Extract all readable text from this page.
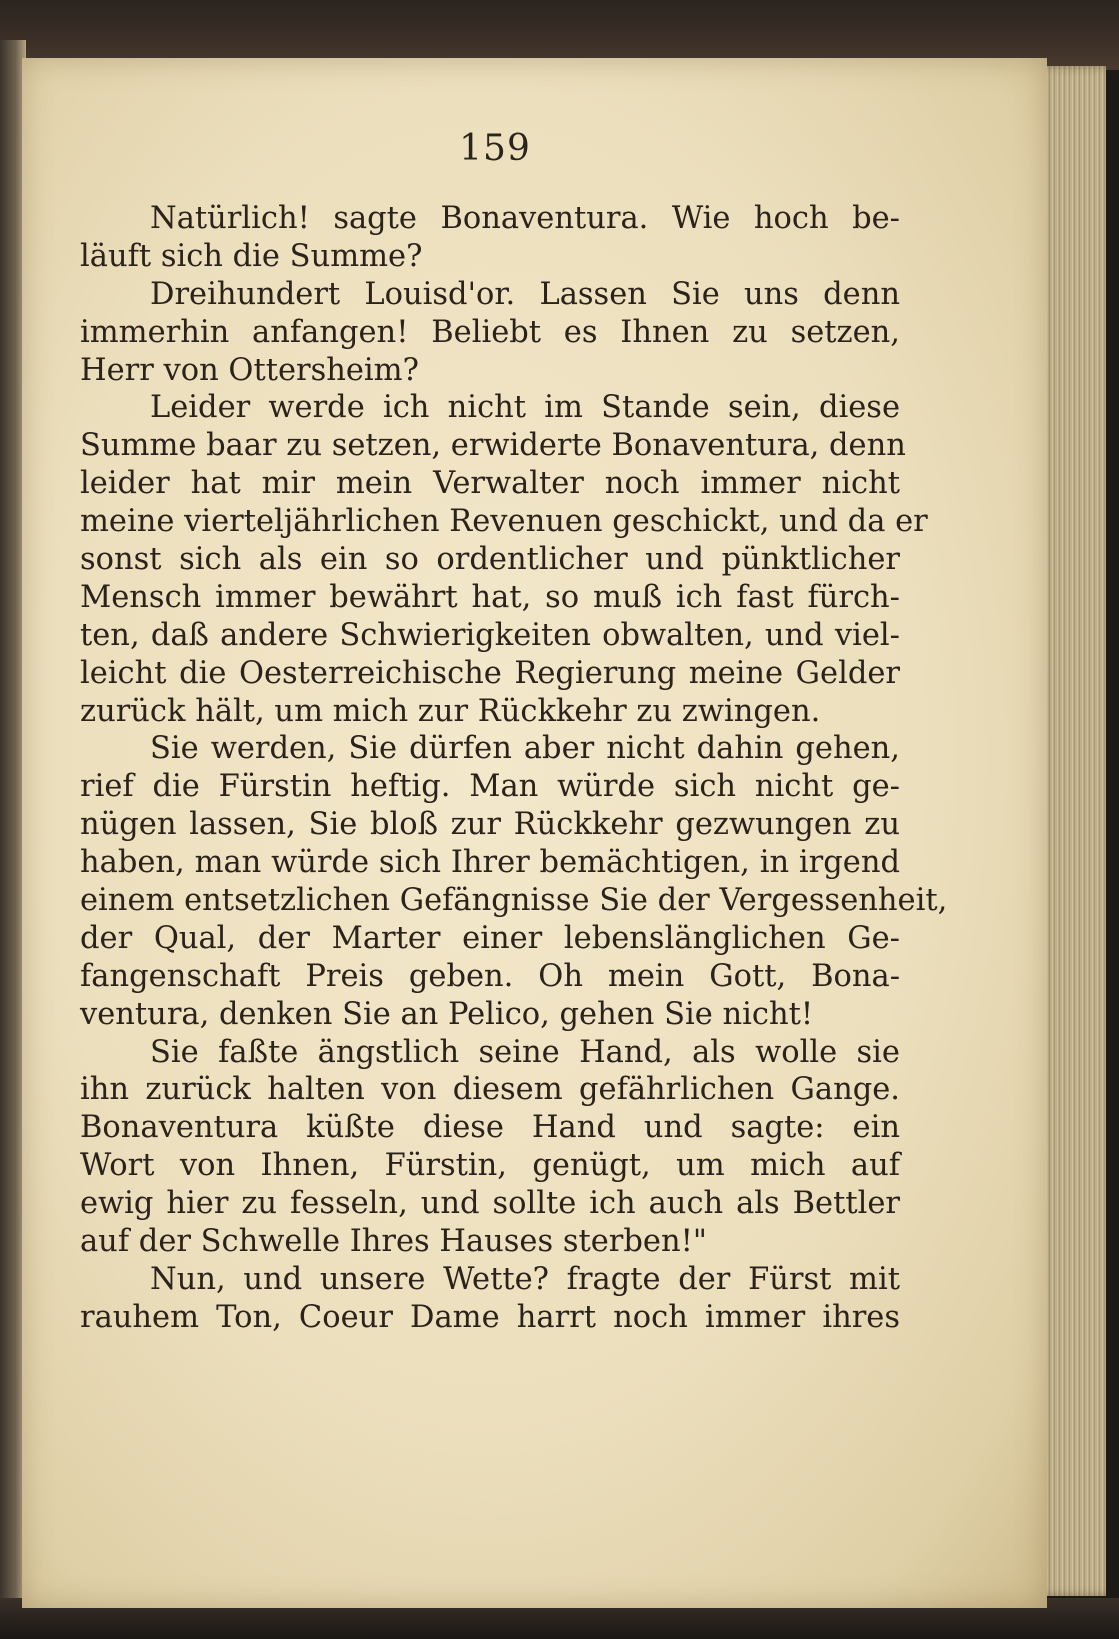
159
Natürlich! sagte Bonaventura. Wie hoch be-
läuft sich die Summe?
Dreihundert Louisd'or. Lassen Sie uns denn
immerhin anfangen! Beliebt es Ihnen zu setzen,
Herr von Ottersheim?
Leider werde ich nicht im Stande sein, diese
Summe baar zu setzen, erwiderte Bonaventura, denn
leider hat mir mein Verwalter noch immer nicht
meine vierteljährlichen Revenuen geschickt, und da er
sonst sich als ein so ordentlicher und pünktlicher
Mensch immer bewährt hat, so muß ich fast fürch-
ten, daß andere Schwierigkeiten obwalten, und viel-
leicht die Oesterreichische Regierung meine Gelder
zurück hält, um mich zur Rückkehr zu zwingen.
Sie werden, Sie dürfen aber nicht dahin gehen,
rief die Fürstin heftig. Man würde sich nicht ge-
nügen lassen, Sie bloß zur Rückkehr gezwungen zu
haben, man würde sich Ihrer bemächtigen, in irgend
einem entsetzlichen Gefängnisse Sie der Vergessenheit,
der Qual, der Marter einer lebenslänglichen Ge-
fangenschaft Preis geben. Oh mein Gott, Bona-
ventura, denken Sie an Pelico, gehen Sie nicht!
Sie faßte ängstlich seine Hand, als wolle sie
ihn zurück halten von diesem gefährlichen Gange.
Bonaventura küßte diese Hand und sagte: ein
Wort von Ihnen, Fürstin, genügt, um mich auf
ewig hier zu fesseln, und sollte ich auch als Bettler
auf der Schwelle Ihres Hauses sterben!"
Nun, und unsere Wette? fragte der Fürst mit
rauhem Ton, Coeur Dame harrt noch immer ihres
